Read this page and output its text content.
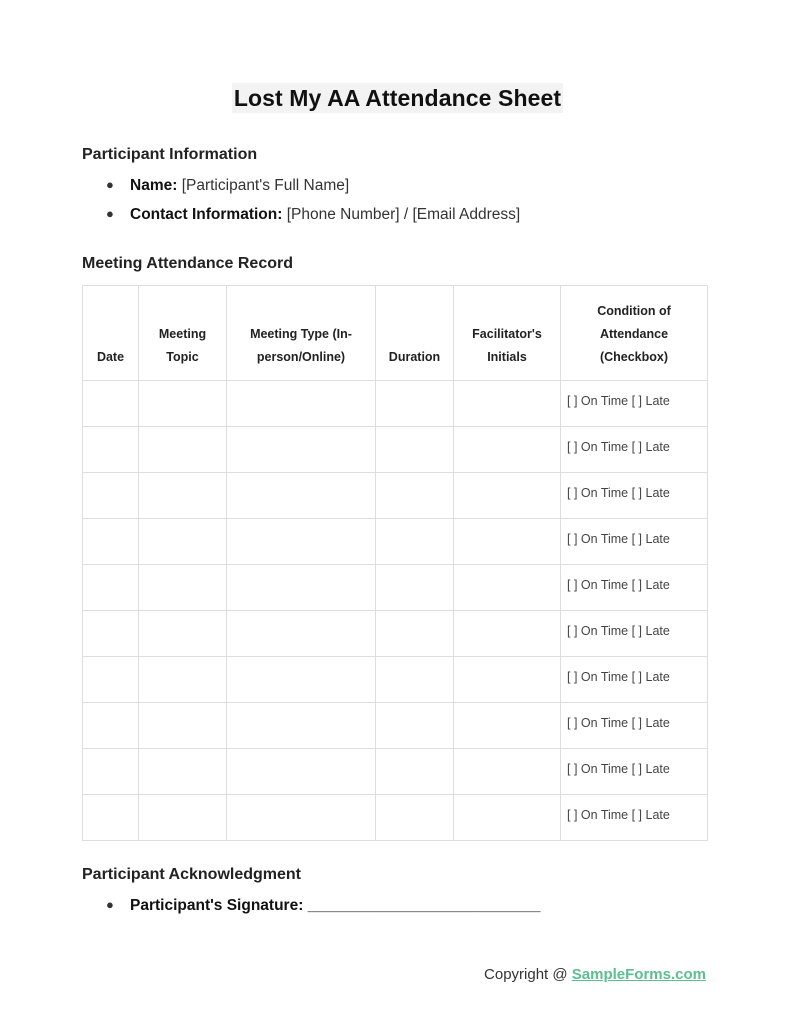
Lost My AA Attendance Sheet
Participant Information
● Name: [Participant's Full Name]
● Contact Information: [Phone Number] / [Email Address]
Meeting Attendance Record
Date	Meeting Topic	Meeting Type (In-person/Online)	Duration	Facilitator's Initials	Condition of Attendance (Checkbox)

					[ ] On Time [ ] Late
					[ ] On Time [ ] Late
					[ ] On Time [ ] Late
					[ ] On Time [ ] Late
					[ ] On Time [ ] Late
					[ ] On Time [ ] Late
					[ ] On Time [ ] Late
					[ ] On Time [ ] Late
					[ ] On Time [ ] Late
					[ ] On Time [ ] Late
Participant Acknowledgment
● Participant's Signature: ___________________________
Copyright @ SampleForms.com
